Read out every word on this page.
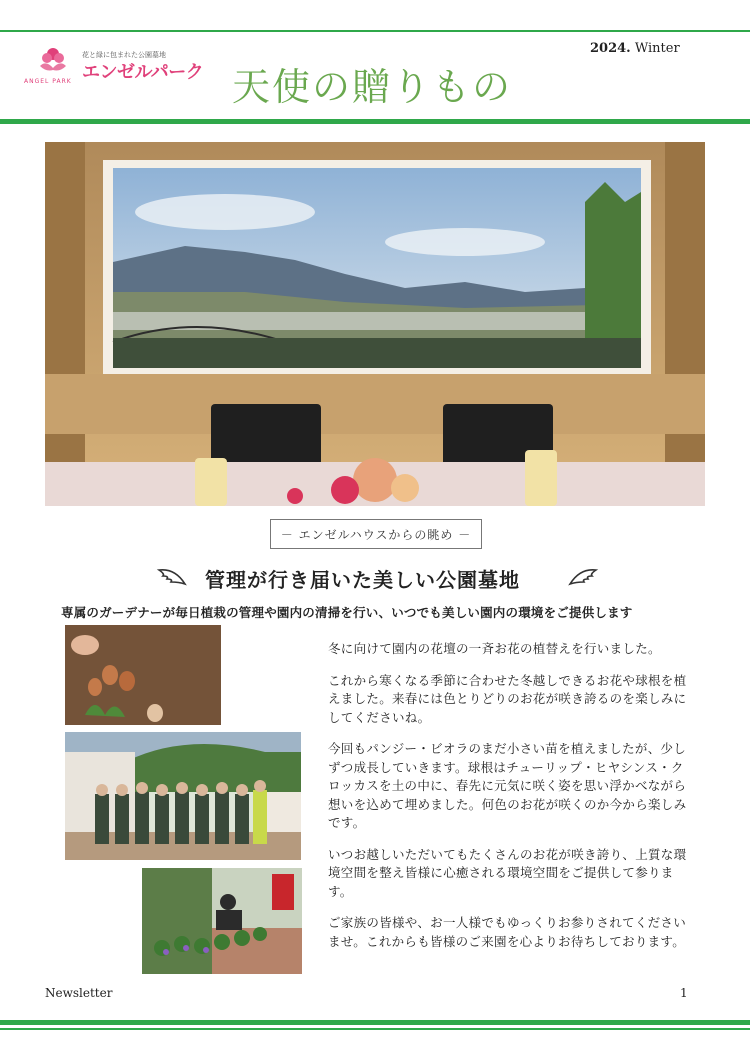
花と緑に包まれた公園墓地
エンゼルパーク
ANGEL PARK	天使の贈りもの
2024. Winter
－ エンゼルハウスからの眺め －
管理が行き届いた美しい公園墓地
専属のガーデナーが毎日植栽の管理や園内の清掃を行い、いつでも美しい園内の環境をご提供します

冬に向けて園内の花壇の一斉お花の植替えを行いました。

これから寒くなる季節に合わせた冬越しできるお花や球根を植えました。来春には色とりどりのお花が咲き誇るのを楽しみにしてくださいね。

今回もパンジー・ビオラのまだ小さい苗を植えましたが、少しずつ成長していきます。球根はチューリップ・ヒヤシンス・クロッカスを土の中に、春先に元気に咲く姿を思い浮かべながら想いを込めて埋めました。何色のお花が咲くのか今から楽しみです。

いつお越しいただいてもたくさんのお花が咲き誇り、上質な環境空間を整え皆様に心癒される環境空間をご提供して参ります。

ご家族の皆様や、お一人様でもゆっくりお参りされてくださいませ。これからも皆様のご来園を心よりお待ちしております。

Newsletter	1
